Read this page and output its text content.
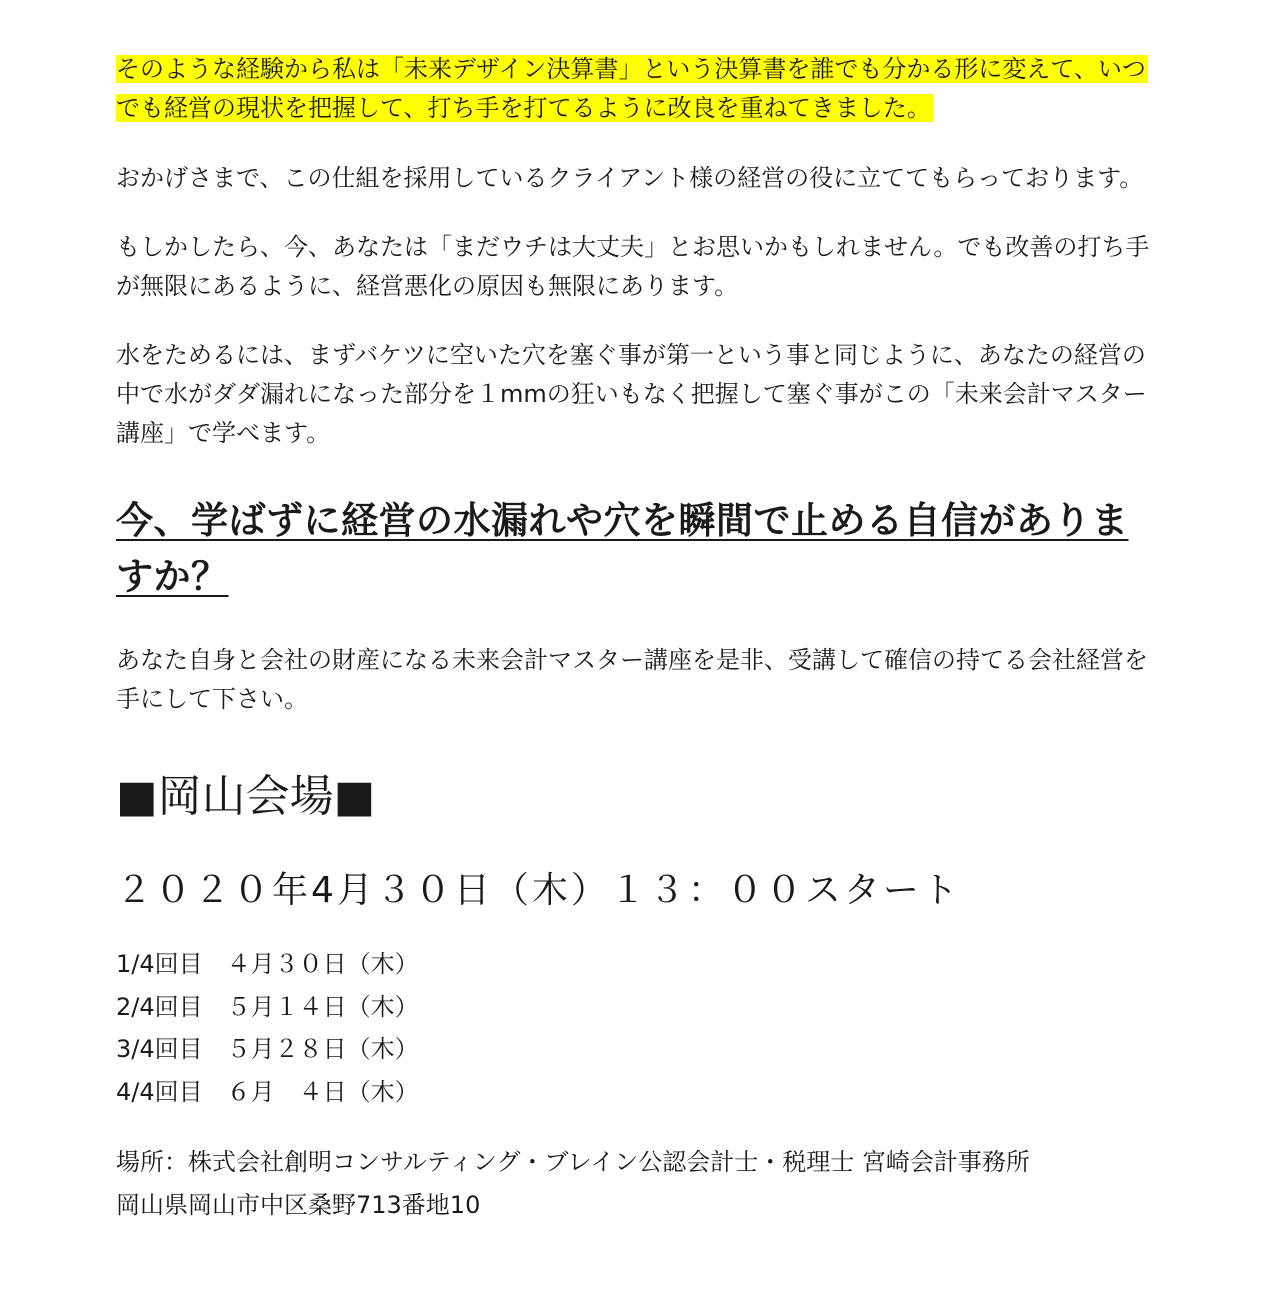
そのような経験から私は「未来デザイン決算書」という決算書を誰でも分かる形に変えて、いつでも経営の現状を把握して、打ち手を打てるように改良を重ねてきました。

おかげさまで、この仕組を採用しているクライアント様の経営の役に立ててもらっております。

もしかしたら、今、あなたは「まだウチは大丈夫」とお思いかもしれません。でも改善の打ち手が無限にあるように、経営悪化の原因も無限にあります。

水をためるには、まずバケツに空いた穴を塞ぐ事が第一という事と同じように、あなたの経営の中で水がダダ漏れになった部分を１mmの狂いもなく把握して塞ぐ事がこの「未来会計マスター講座」で学べます。

今、学ばずに経営の水漏れや穴を瞬間で止める自信がありますか？

あなた自身と会社の財産になる未来会計マスター講座を是非、受講して確信の持てる会社経営を手にして下さい。

■岡山会場■

２０２０年4月３０日（木）１３：００スタート

1/4回目　４月３０日（木）
2/4回目　５月１４日（木）
3/4回目　５月２８日（木）
4/4回目　６月　４日（木）

場所：株式会社創明コンサルティング・ブレイン公認会計士・税理士 宮崎会計事務所

岡山県岡山市中区桑野713番地10
